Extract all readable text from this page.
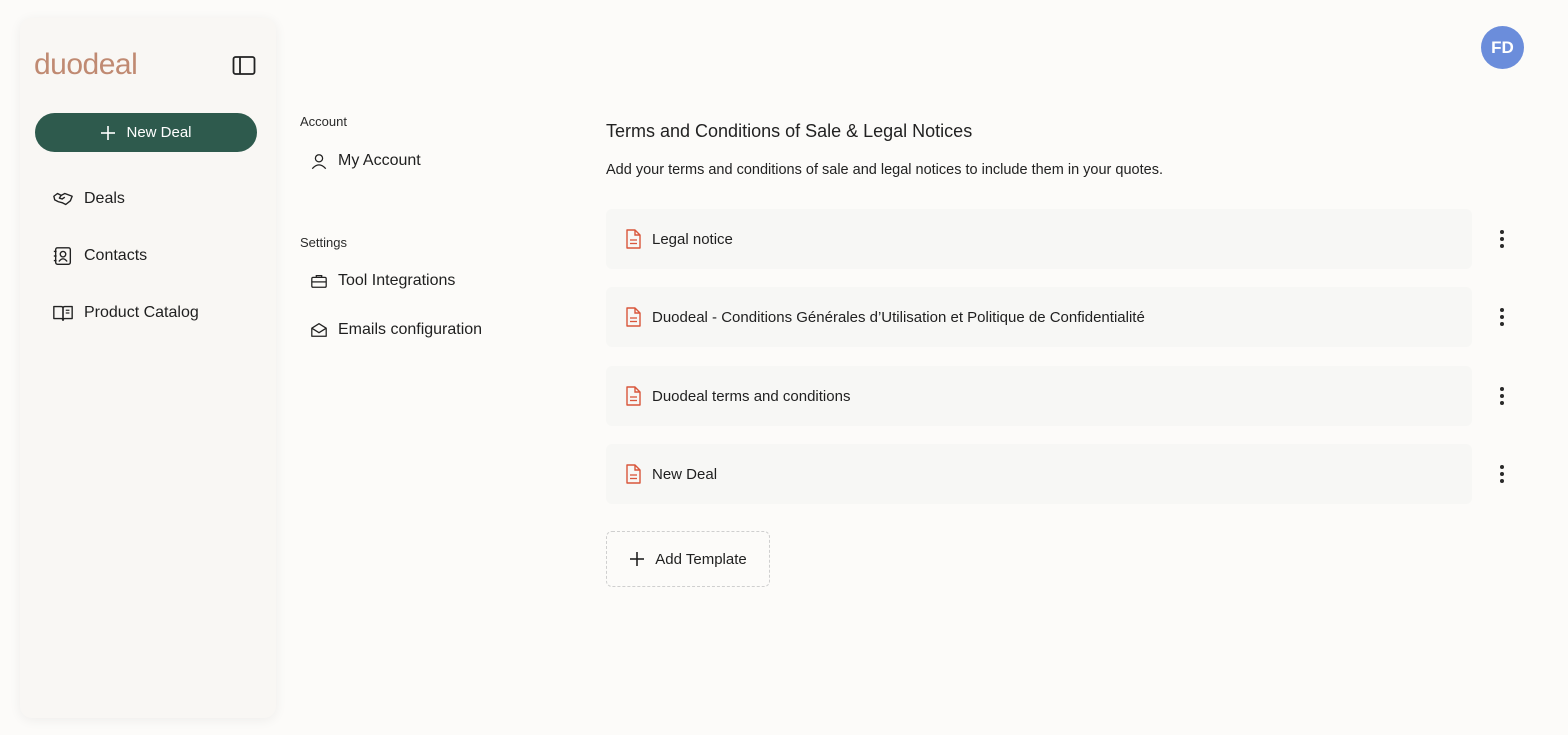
duodeal
New Deal
Deals
Contacts
Product Catalog
Account
My Account
Settings
Tool Integrations
Emails configuration
Terms and Conditions of Sale & Legal Notices
Add your terms and conditions of sale and legal notices to include them in your quotes.
Legal notice
Duodeal - Conditions Générales d’Utilisation et Politique de Confidentialité
Duodeal terms and conditions
New Deal
Add Template
FD
